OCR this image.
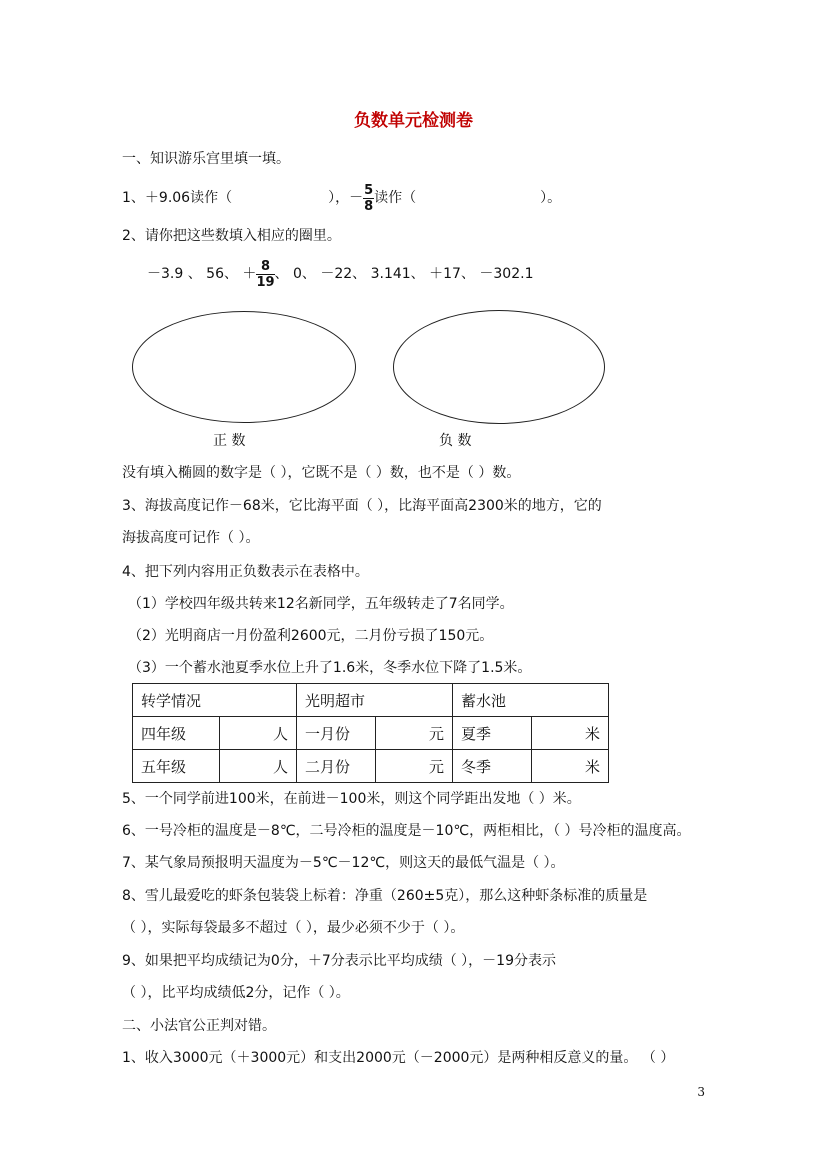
负数单元检测卷
一、知识游乐宫里填一填。
1、＋9.06读作（	），－ $\frac{5}{8}$ 读作（	）。
2、请你把这些数填入相应的圈里。
－3.9 、 56、 ＋ $\frac{8}{19}$ 、 0、 －22、 3.141、 ＋17、 －302.1
正 数	负 数
没有填入椭圆的数字是（ ），它既不是（ ）数，也不是（ ）数。
3、海拔高度记作－68米，它比海平面（ ），比海平面高2300米的地方，它的
海拔高度可记作（ ）。
4、把下列内容用正负数表示在表格中。
（1）学校四年级共转来12名新同学，五年级转走了7名同学。
（2）光明商店一月份盈利2600元，二月份亏损了150元。
（3）一个蓄水池夏季水位上升了1.6米，冬季水位下降了1.5米。
转学情况		光明超市		蓄水池	
四年级	人	一月份	元	夏季	米
五年级	人	二月份	元	冬季	米
5、一个同学前进100米，在前进－100米，则这个同学距出发地（ ）米。
6、一号冷柜的温度是－8℃，二号冷柜的温度是－10℃，两柜相比，（ ）号冷柜的温度高。
7、某气象局预报明天温度为－5℃－12℃，则这天的最低气温是（ ）。
8、雪儿最爱吃的虾条包装袋上标着：净重（260±5克），那么这种虾条标准的质量是
（ ），实际每袋最多不超过（ ），最少必须不少于（ ）。
9、如果把平均成绩记为0分，＋7分表示比平均成绩（ ），－19分表示
（ ），比平均成绩低2分，记作（ ）。
二、小法官公正判对错。
1、收入3000元（＋3000元）和支出2000元（－2000元）是两种相反意义的量。 （ ）
3
